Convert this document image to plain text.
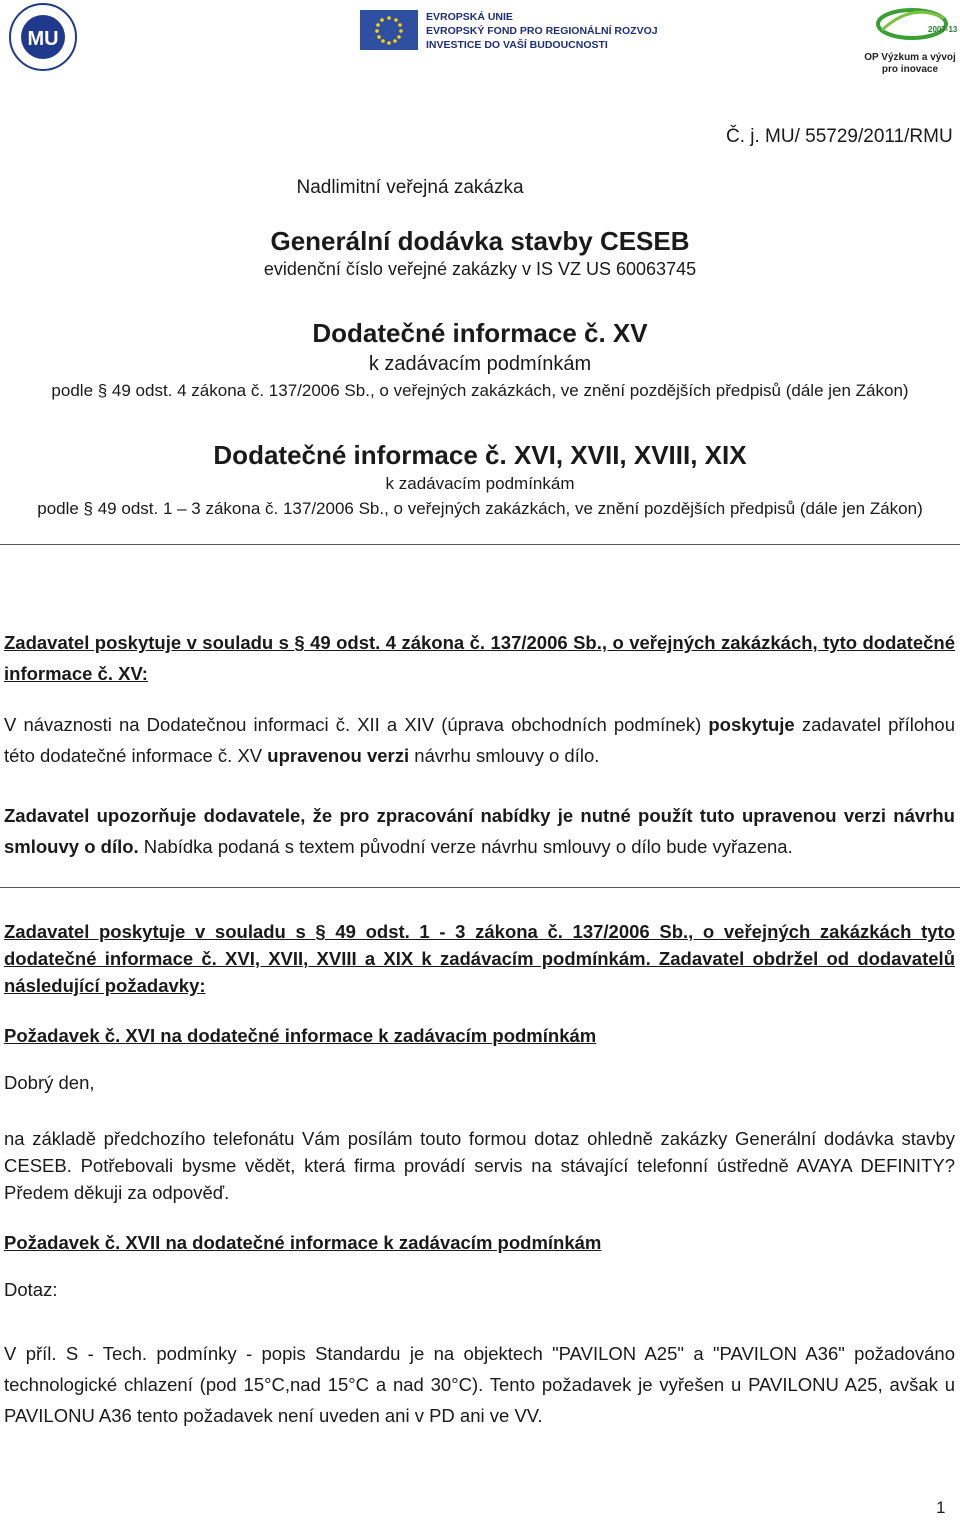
MU
EVROPSKÁ UNIE
EVROPSKÝ FOND PRO REGIONÁLNÍ ROZVOJ
INVESTICE DO VAŠÍ BUDOUCNOSTI
2007-13
OP Výzkum a vývoj
pro inovace
Č. j. MU/ 55729/2011/RMU
Nadlimitní veřejná zakázka
Generální dodávka stavby CESEB
evidenční číslo veřejné zakázky v IS VZ US 60063745
Dodatečné informace č. XV
k zadávacím podmínkám
podle § 49 odst. 4 zákona č. 137/2006 Sb., o veřejných zakázkách, ve znění pozdějších předpisů (dále jen Zákon)
Dodatečné informace č. XVI, XVII, XVIII, XIX
k zadávacím podmínkám
podle § 49 odst. 1 – 3 zákona č. 137/2006 Sb., o veřejných zakázkách, ve znění pozdějších předpisů (dále jen Zákon)
Zadavatel poskytuje v souladu s § 49 odst. 4 zákona č. 137/2006 Sb., o veřejných zakázkách, tyto dodatečné informace č. XV:
V návaznosti na Dodatečnou informaci č. XII a XIV (úprava obchodních podmínek) poskytuje zadavatel přílohou této dodatečné informace č. XV upravenou verzi návrhu smlouvy o dílo.
Zadavatel upozorňuje dodavatele, že pro zpracování nabídky je nutné použít tuto upravenou verzi návrhu smlouvy o dílo. Nabídka podaná s textem původní verze návrhu smlouvy o dílo bude vyřazena.
Zadavatel poskytuje v souladu s § 49 odst. 1 - 3 zákona č. 137/2006 Sb., o veřejných zakázkách tyto dodatečné informace č. XVI, XVII, XVIII a XIX k zadávacím podmínkám. Zadavatel obdržel od dodavatelů následující požadavky:
Požadavek č. XVI na dodatečné informace k zadávacím podmínkám
Dobrý den,
na základě předchozího telefonátu Vám posílám touto formou dotaz ohledně zakázky Generální dodávka stavby CESEB. Potřebovali bysme vědět, která firma provádí servis na stávající telefonní ústředně AVAYA DEFINITY? Předem děkuji za odpověď.
Požadavek č. XVII na dodatečné informace k zadávacím podmínkám
Dotaz:
V příl. S - Tech. podmínky - popis Standardu je na objektech "PAVILON A25" a "PAVILON A36" požadováno technologické chlazení (pod 15°C,nad 15°C a nad 30°C). Tento požadavek je vyřešen u PAVILONU A25, avšak u PAVILONU A36 tento požadavek není uveden ani v PD ani ve VV.
1
